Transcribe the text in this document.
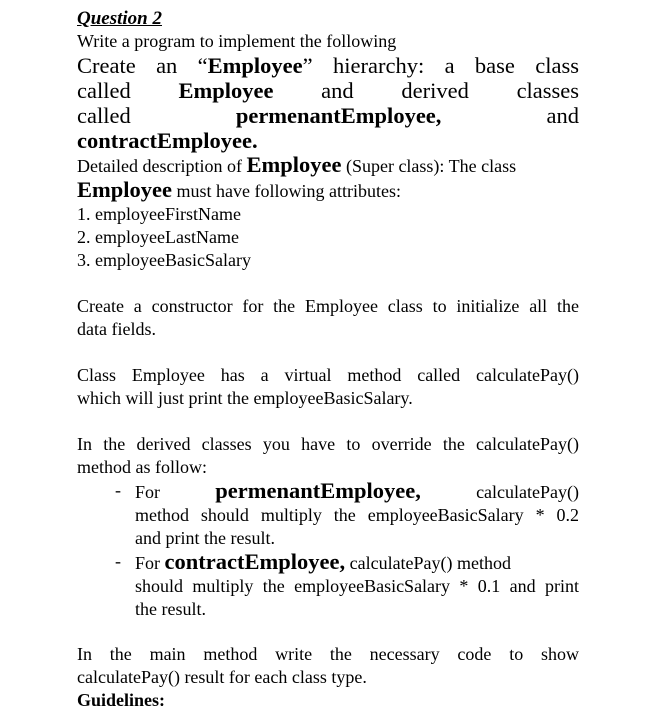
Question 2
Write a program to implement the following
Create an “Employee” hierarchy: a base class
called Employee and derived classes
called	permenantEmployee,	and
contractEmployee.
Detailed description of Employee (Super class): The class
Employee must have following attributes:
1. employeeFirstName
2. employeeLastName
3. employeeBasicSalary
Create a constructor for the Employee class to initialize all the
data fields.
Class Employee has a virtual method called calculatePay()
which will just print the employeeBasicSalary.
In the derived classes you have to override the calculatePay()
method as follow:
- For permenantEmployee,	calculatePay()
method should multiply the employeeBasicSalary * 0.2
and print the result.
- For contractEmployee, calculatePay() method
should multiply the employeeBasicSalary * 0.1 and print
the result.
In the main method write the necessary code to show
calculatePay() result for each class type.
Guidelines:
